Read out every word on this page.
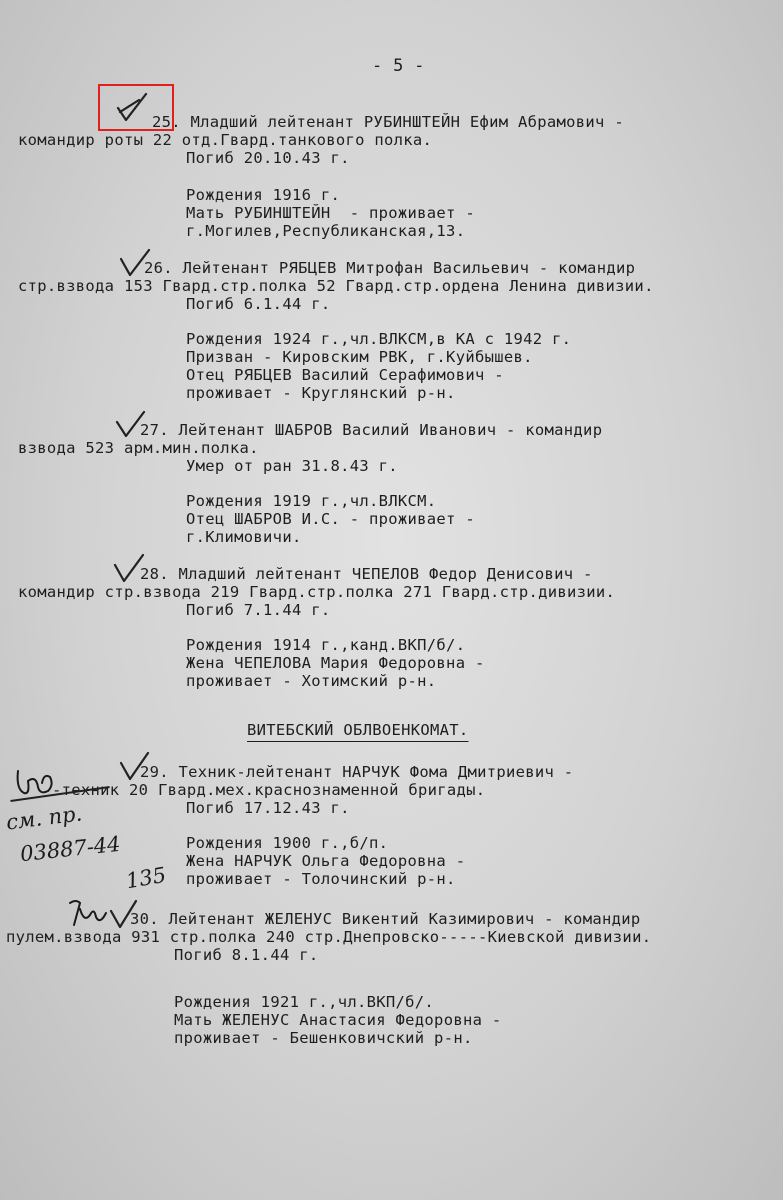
- 5 -
25. Младший лейтенант РУБИНШТЕЙН Ефим Абрамович -
командир роты 22 отд.Гвард.танкового полка.
Погиб 20.10.43 г.
Рождения 1916 г.
Мать РУБИНШТЕЙН  - проживает -
г.Могилев,Республиканская,13.
26. Лейтенант РЯБЦЕВ Митрофан Васильевич - командир
стр.взвода 153 Гвард.стр.полка 52 Гвард.стр.ордена Ленина дивизии.
Погиб 6.1.44 г.
Рождения 1924 г.,чл.ВЛКСМ,в КА с 1942 г.
Призван - Кировским РВК, г.Куйбышев.
Отец РЯБЦЕВ Василий Серафимович -
проживает - Круглянский р-н.
27. Лейтенант ШАБРОВ Василий Иванович - командир
взвода 523 арм.мин.полка.
Умер от ран 31.8.43 г.
Рождения 1919 г.,чл.ВЛКСМ.
Отец ШАБРОВ И.С. - проживает -
г.Климовичи.
28. Младший лейтенант ЧЕПЕЛОВ Федор Денисович -
командир стр.взвода 219 Гвард.стр.полка 271 Гвард.стр.дивизии.
Погиб 7.1.44 г.
Рождения 1914 г.,канд.ВКП/б/.
Жена ЧЕПЕЛОВА Мария Федоровна -
проживает - Хотимский р-н.
ВИТЕБСКИЙ ОБЛВОЕНКОМАТ.
29. Техник-лейтенант НАРЧУК Фома Дмитриевич -
-техник 20 Гвард.мех.краснознаменной бригады.
Погиб 17.12.43 г.
Рождения 1900 г.,б/п.
Жена НАРЧУК Ольга Федоровна -
проживает - Толочинский р-н.
30. Лейтенант ЖЕЛЕНУС Викентий Казимирович - командир
пулем.взвода 931 стр.полка 240 стр.Днепровско-----Киевской дивизии.
Погиб 8.1.44 г.
Рождения 1921 г.,чл.ВКП/б/.
Мать ЖЕЛЕНУС Анастасия Федоровна -
проживает - Бешенковичский р-н.
см. пр.
03887-44
135
